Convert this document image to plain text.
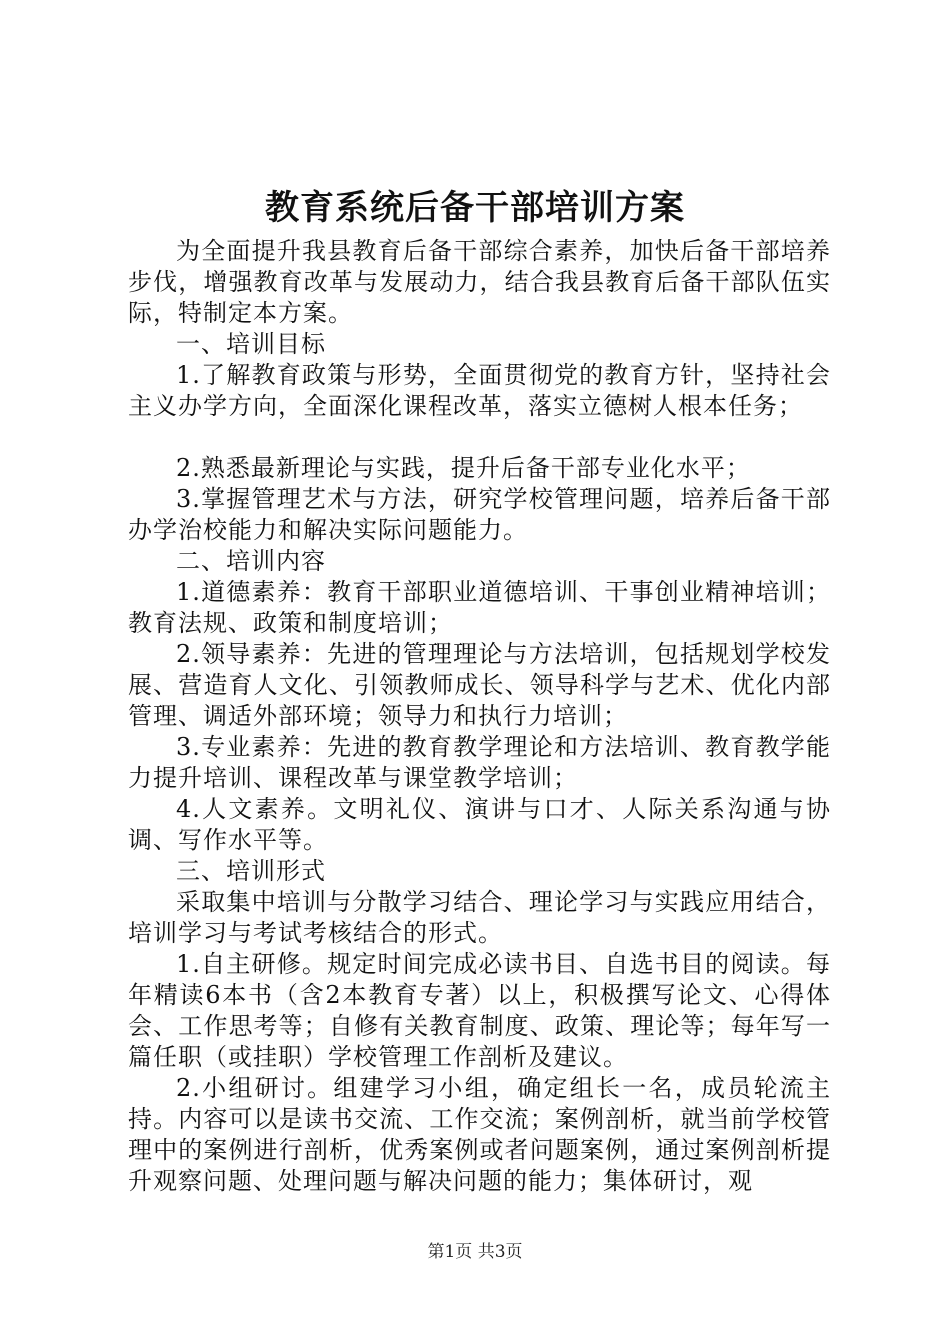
教育系统后备干部培训方案

为全面提升我县教育后备干部综合素养，加快后备干部培养步伐，增强教育改革与发展动力，结合我县教育后备干部队伍实际，特制定本方案。

一、培训目标

1.了解教育政策与形势，全面贯彻党的教育方针，坚持社会主义办学方向，全面深化课程改革，落实立德树人根本任务；

2.熟悉最新理论与实践，提升后备干部专业化水平；

3.掌握管理艺术与方法，研究学校管理问题，培养后备干部办学治校能力和解决实际问题能力。

二、培训内容

1.道德素养：教育干部职业道德培训、干事创业精神培训；教育法规、政策和制度培训；

2.领导素养：先进的管理理论与方法培训，包括规划学校发展、营造育人文化、引领教师成长、领导科学与艺术、优化内部管理、调适外部环境；领导力和执行力培训；

3.专业素养：先进的教育教学理论和方法培训、教育教学能力提升培训、课程改革与课堂教学培训；

4.人文素养。文明礼仪、演讲与口才、人际关系沟通与协调、写作水平等。

三、培训形式

采取集中培训与分散学习结合、理论学习与实践应用结合，培训学习与考试考核结合的形式。

1.自主研修。规定时间完成必读书目、自选书目的阅读。每年精读6本书（含2本教育专著）以上，积极撰写论文、心得体会、工作思考等；自修有关教育制度、政策、理论等；每年写一篇任职（或挂职）学校管理工作剖析及建议。

2.小组研讨。组建学习小组，确定组长一名，成员轮流主持。内容可以是读书交流、工作交流；案例剖析，就当前学校管理中的案例进行剖析，优秀案例或者问题案例，通过案例剖析提升观察问题、处理问题与解决问题的能力；集体研讨，观

第1页 共3页
